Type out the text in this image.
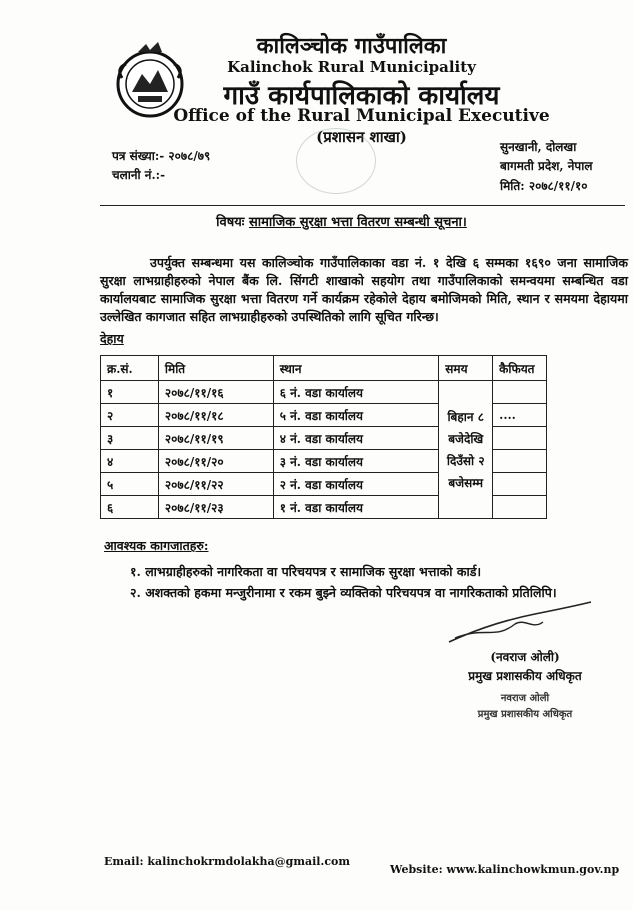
कालिञ्चोक गाउँपालिका
Kalinchok Rural Municipality
गाउँ कार्यपालिकाको कार्यालय
Office of the Rural Municipal Executive
(प्रशासन शाखा)
पत्र संख्या:- २०७८/७९
चलानी नं.:-
सुनखानी, दोलखा
बागमती प्रदेश, नेपाल
मिति: २०७८/११/१०
विषयः सामाजिक सुरक्षा भत्ता वितरण सम्बन्धी सूचना।
उपर्युक्त सम्बन्धमा यस कालिञ्चोक गाउँपालिकाका वडा नं. १ देखि ६ सम्मका १६९० जना सामाजिक सुरक्षा लाभग्राहीहरुको नेपाल बैंक लि. सिंगटी शाखाको सहयोग तथा गाउँपालिकाको समन्वयमा सम्बन्धित वडा कार्यालयबाट सामाजिक सुरक्षा भत्ता वितरण गर्ने कार्यक्रम रहेकोले देहाय बमोजिमको मिति, स्थान र समयमा देहायमा उल्लेखित कागजात सहित लाभग्राहीहरुको उपस्थितिको लागि सूचित गरिन्छ।
देहाय
क्र.सं.	मिति	स्थान	समय	कैफियत
१	२०७८/११/१६	६ नं. वडा कार्यालय	बिहान ८ बजेदेखि दिउँसो २ बजेसम्म	
२	२०७८/११/१८	५ नं. वडा कार्यालय		....
३	२०७८/११/१९	४ नं. वडा कार्यालय		
४	२०७८/११/२०	३ नं. वडा कार्यालय		
५	२०७८/११/२२	२ नं. वडा कार्यालय		
६	२०७८/११/२३	१ नं. वडा कार्यालय		
आवश्यक कागजातहरु:
१. लाभग्राहीहरुको नागरिकता वा परिचयपत्र र सामाजिक सुरक्षा भत्ताको कार्ड।
२. अशक्तको हकमा मन्जुरीनामा र रकम बुझ्ने व्यक्तिको परिचयपत्र वा नागरिकताको प्रतिलिपि।
(नवराज ओली)
प्रमुख प्रशासकीय अधिकृत
नवराज ओली
प्रमुख प्रशासकीय अधिकृत
Email: kalinchokrmdolakha@gmail.com
Website: www.kalinchowkmun.gov.np
